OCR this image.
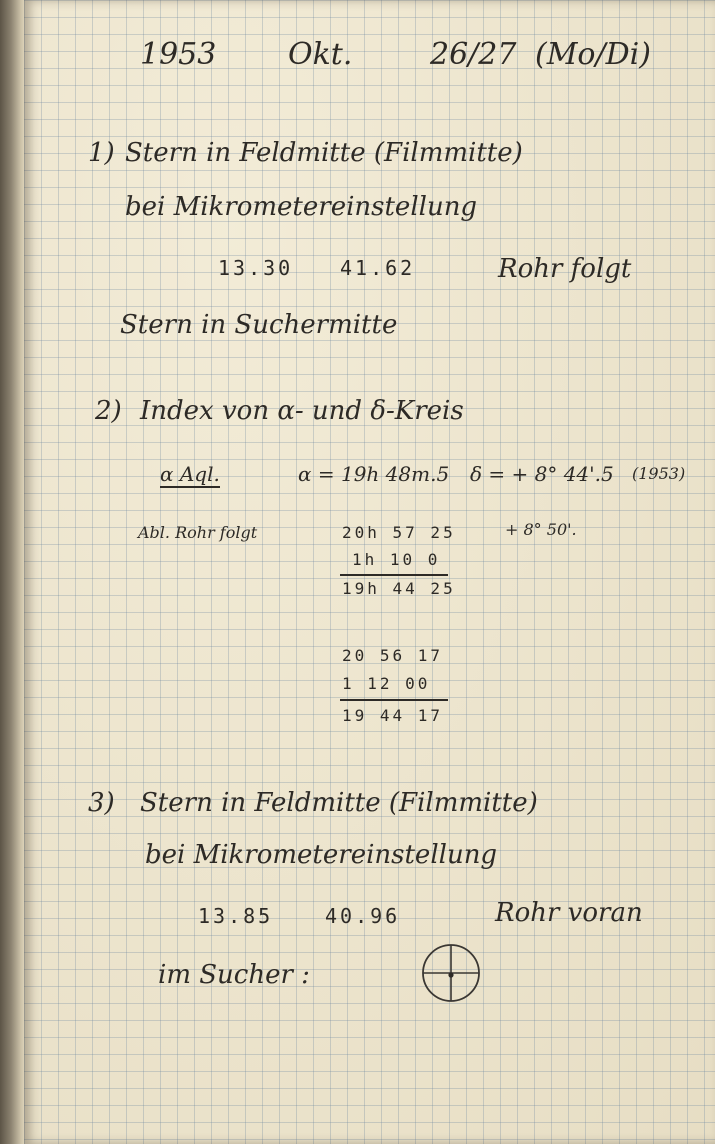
1953 Okt.	26/27 (Mo/Di)
1) Stern in Feldmitte (Filmmitte)
bei Mikrometereinstellung
13.30 41.62	Rohr folgt
Stern in Suchermitte
2) Index von α- und δ-Kreis
α Aql.	α = 19h 48m.5 δ = + 8° 44'.5 (1953)
Abl. Rohr folgt	20h 57 25	+ 8° 50'.
1h 10 0
19h 44 25
20 56 17
1 12 00
19 44 17
3) Stern in Feldmitte (Filmmitte)
bei Mikrometereinstellung
13.85	40.96	Rohr voran
im Sucher :
